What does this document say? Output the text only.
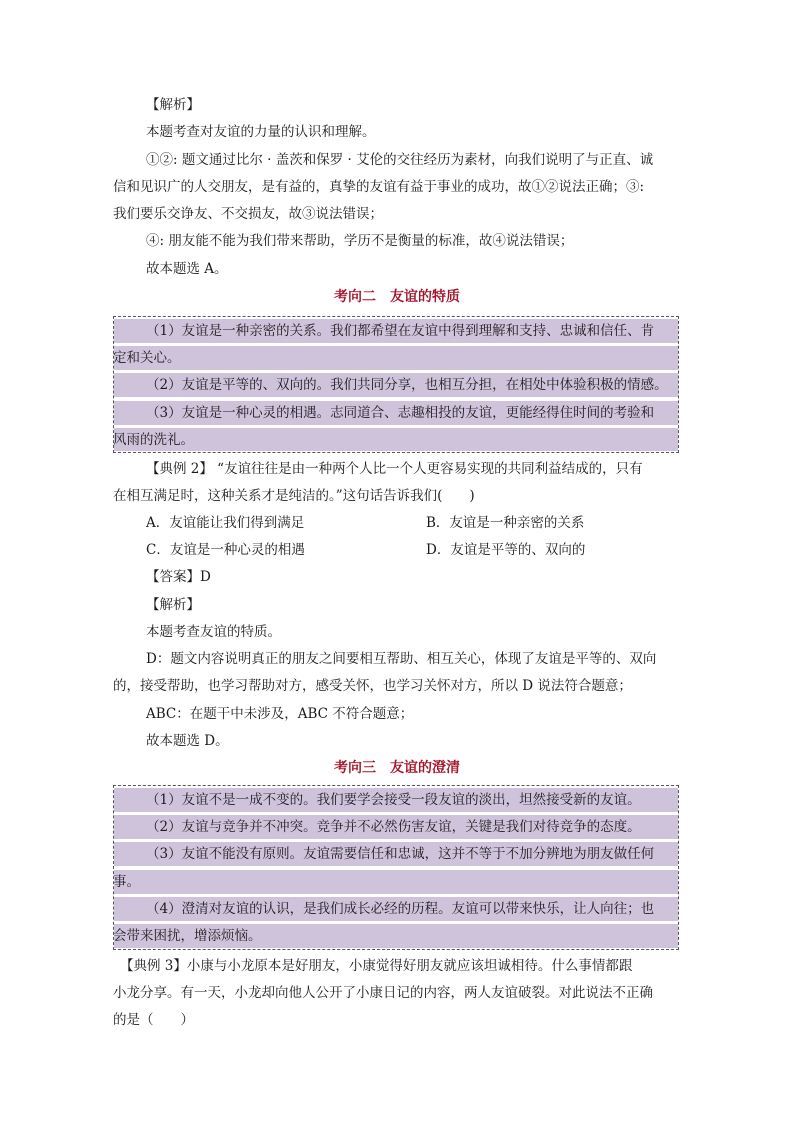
【解析】
本题考查对友谊的力量的认识和理解。
①②: 题文通过比尔 · 盖茨和保罗 · 艾伦的交往经历为素材，向我们说明了与正直、诚
信和见识广的人交朋友，是有益的，真挚的友谊有益于事业的成功，故①②说法正确；③:
我们要乐交诤友、不交损友，故③说法错误；
④: 朋友能不能为我们带来帮助，学历不是衡量的标准，故④说法错误；
故本题选 A。
考向二　友谊的特质
（1）友谊是一种亲密的关系。我们都希望在友谊中得到理解和支持、忠诚和信任、肯
定和关心。
（2）友谊是平等的、双向的。我们共同分享，也相互分担，在相处中体验积极的情感。
（3）友谊是一种心灵的相遇。志同道合、志趣相投的友谊，更能经得住时间的考验和
风雨的洗礼。
【典例 2】 “友谊往往是由一种两个人比一个人更容易实现的共同利益结成的，只有
在相互满足时，这种关系才是纯洁的。”这句话告诉我们(　　)
A．友谊能让我们得到满足	B．友谊是一种亲密的关系
C．友谊是一种心灵的相遇	D．友谊是平等的、双向的
【答案】D
【解析】
本题考查友谊的特质。
D：题文内容说明真正的朋友之间要相互帮助、相互关心，体现了友谊是平等的、双向
的，接受帮助，也学习帮助对方，感受关怀，也学习关怀对方，所以 D 说法符合题意；
ABC：在题干中未涉及，ABC 不符合题意；
故本题选 D。
考向三　友谊的澄清
（1）友谊不是一成不变的。我们要学会接受一段友谊的淡出，坦然接受新的友谊。
（2）友谊与竞争并不冲突。竞争并不必然伤害友谊，关键是我们对待竞争的态度。
（3）友谊不能没有原则。友谊需要信任和忠诚，这并不等于不加分辨地为朋友做任何
事。
（4）澄清对友谊的认识，是我们成长必经的历程。友谊可以带来快乐，让人向往；也
会带来困扰，增添烦恼。
【典例 3】小康与小龙原本是好朋友，小康觉得好朋友就应该坦诚相待。什么事情都跟
小龙分享。有一天，小龙却向他人公开了小康日记的内容，两人友谊破裂。对此说法不正确
的是（　　）
